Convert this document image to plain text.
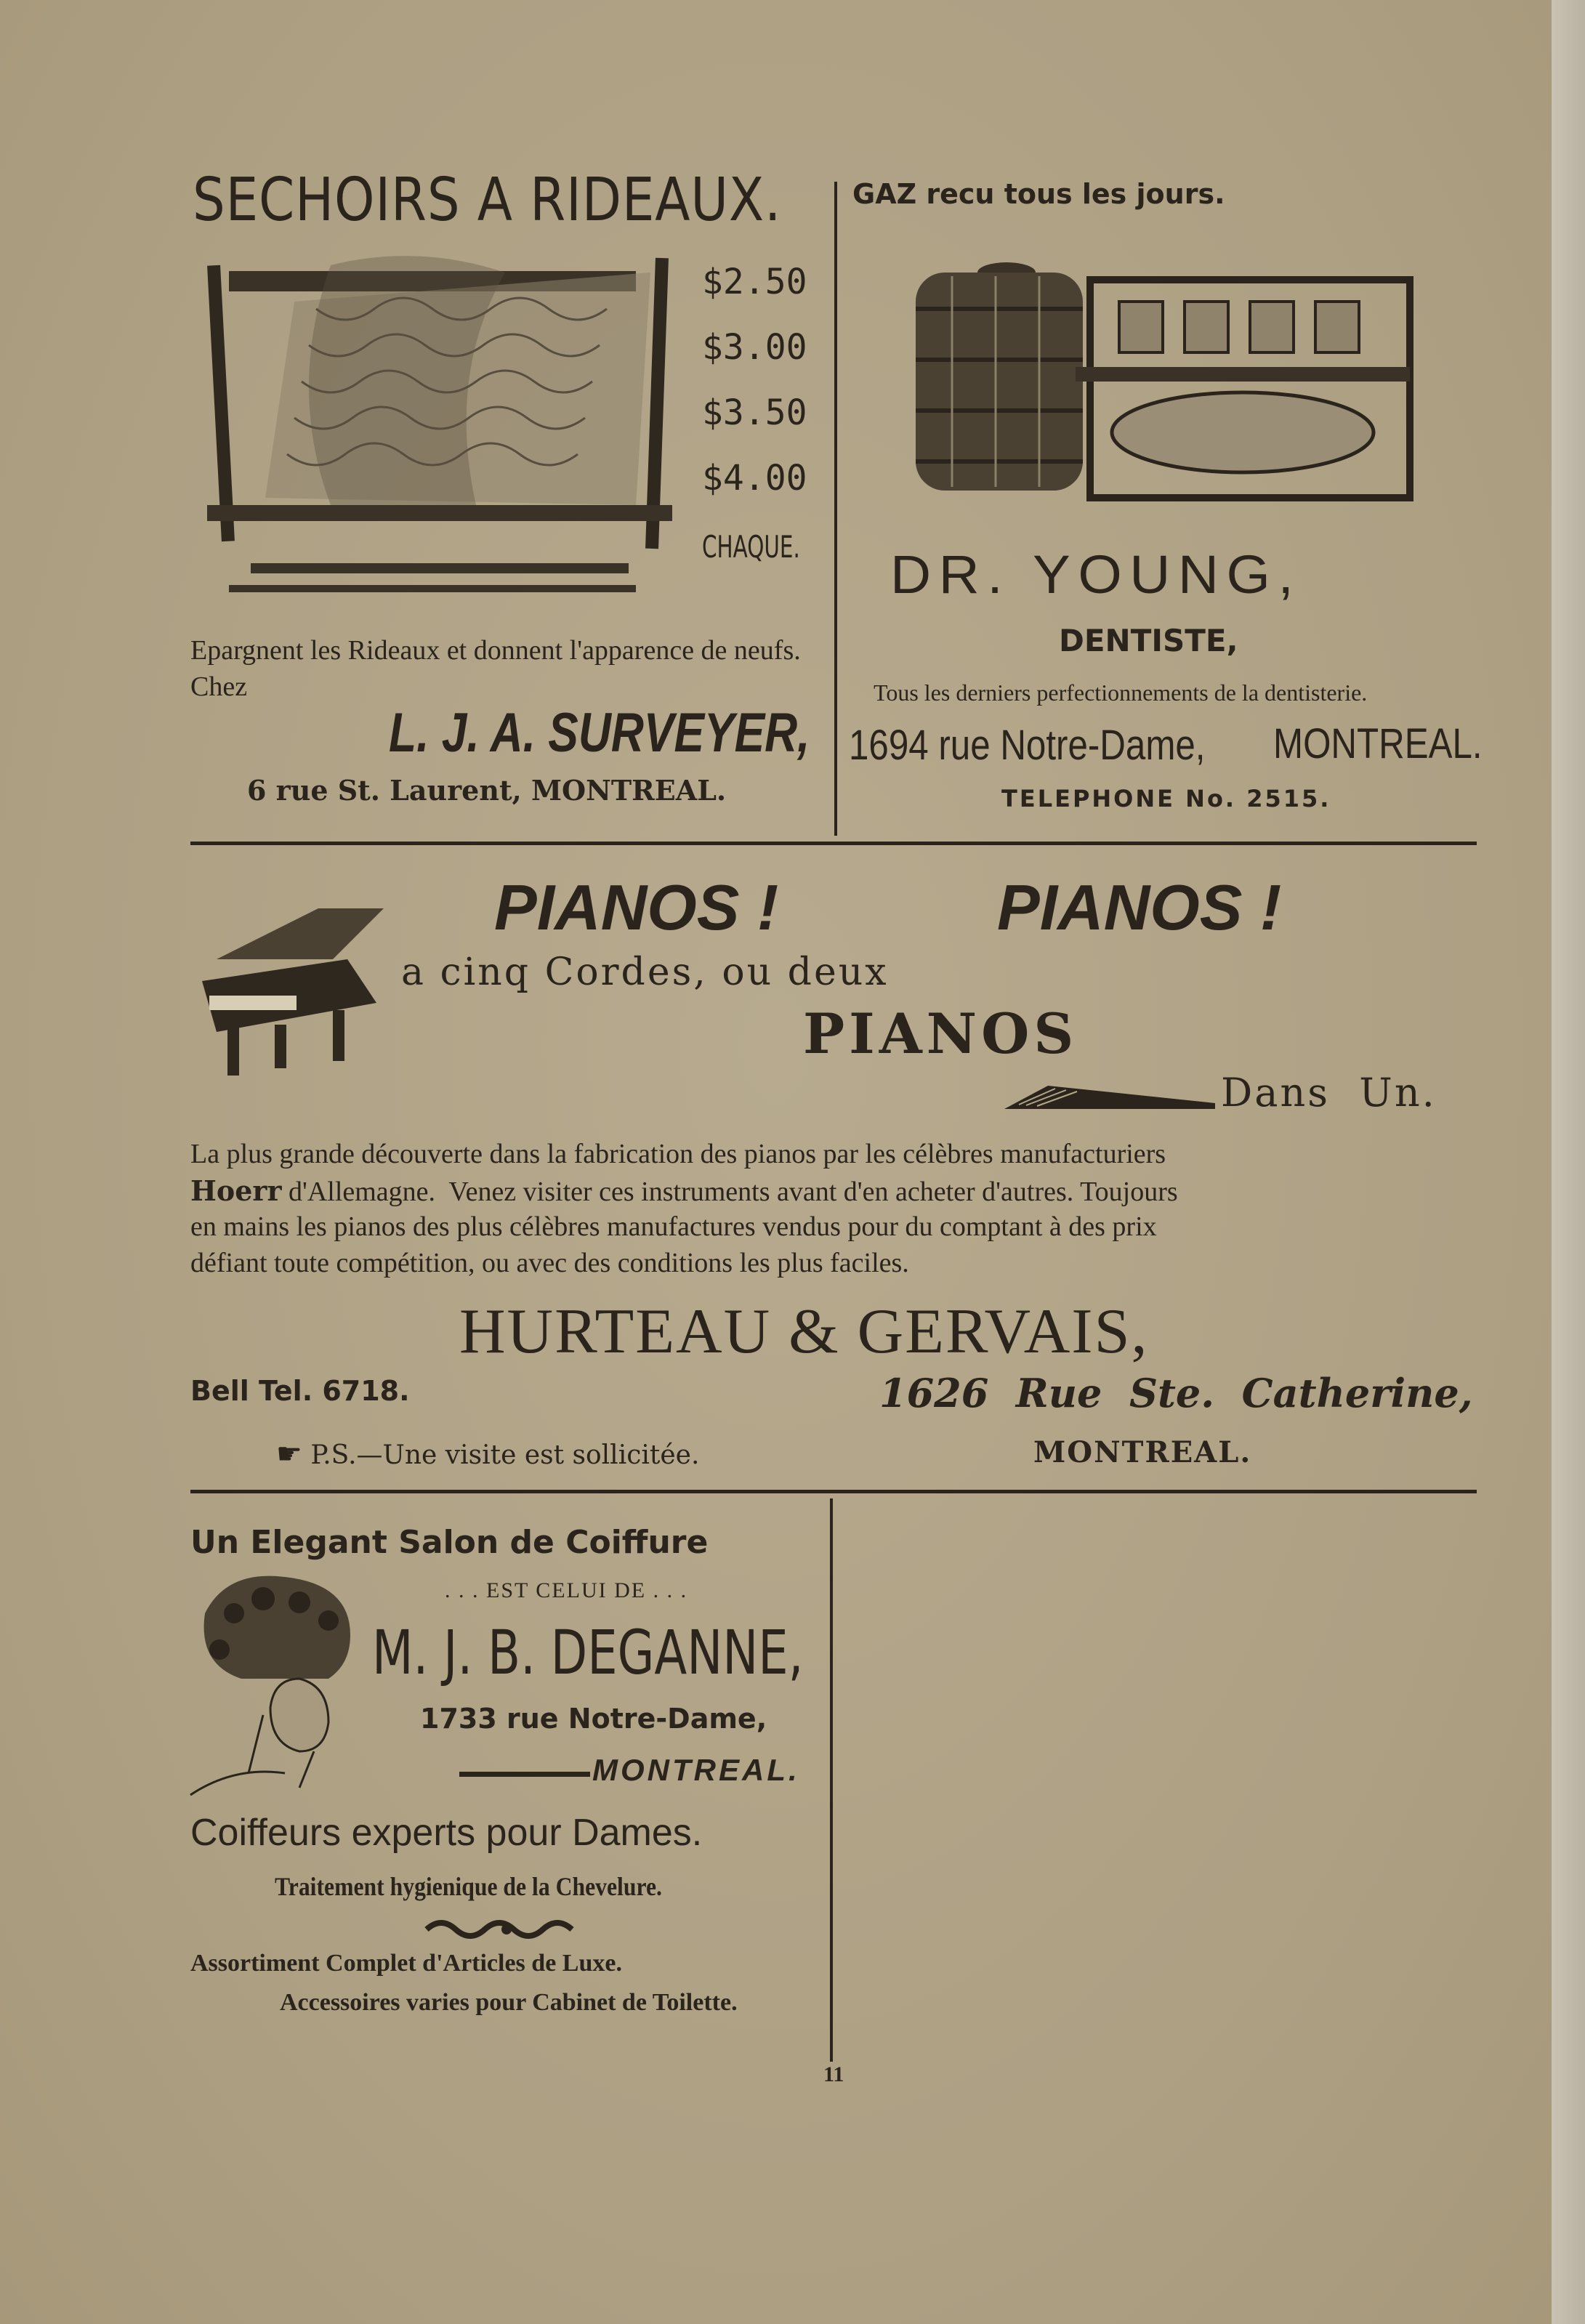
SECHOIRS A RIDEAUX.
$2.50
$3.00
$3.50
$4.00
CHAQUE.
Epargnent les Rideaux et donnent l'apparence de neufs. Chez
L. J. A. SURVEYER,
6 rue St. Laurent, MONTREAL.
GAZ recu tous les jours.
DR. YOUNG,
DENTISTE,
Tous les derniers perfectionnements de la dentisterie.
1694 rue Notre-Dame, MONTREAL.
TELEPHONE No. 2515.
PIANOS !	PIANOS !
a cinq Cordes, ou deux
PIANOS
Dans  Un.
La plus grande découverte dans la fabrication des pianos par les célèbres manufacturiers
Hoerr d'Allemagne.  Venez visiter ces instruments avant d'en acheter d'autres. Toujours
en mains les pianos des plus célèbres manufactures vendus pour du comptant à des prix
défiant toute compétition, ou avec des conditions les plus faciles.
HURTEAU & GERVAIS,
Bell Tel. 6718.	1626  Rue  Ste.  Catherine,
☛ P.S.—Une visite est sollicitée.	MONTREAL.
Un Elegant Salon de Coiffure
. . . EST CELUI DE . . .
M. J. B. DEGANNE,
1733 rue Notre-Dame,
MONTREAL.
Coiffeurs experts pour Dames.
Traitement hygienique de la Chevelure.
Assortiment Complet d'Articles de Luxe.
Accessoires varies pour Cabinet de Toilette.
11
